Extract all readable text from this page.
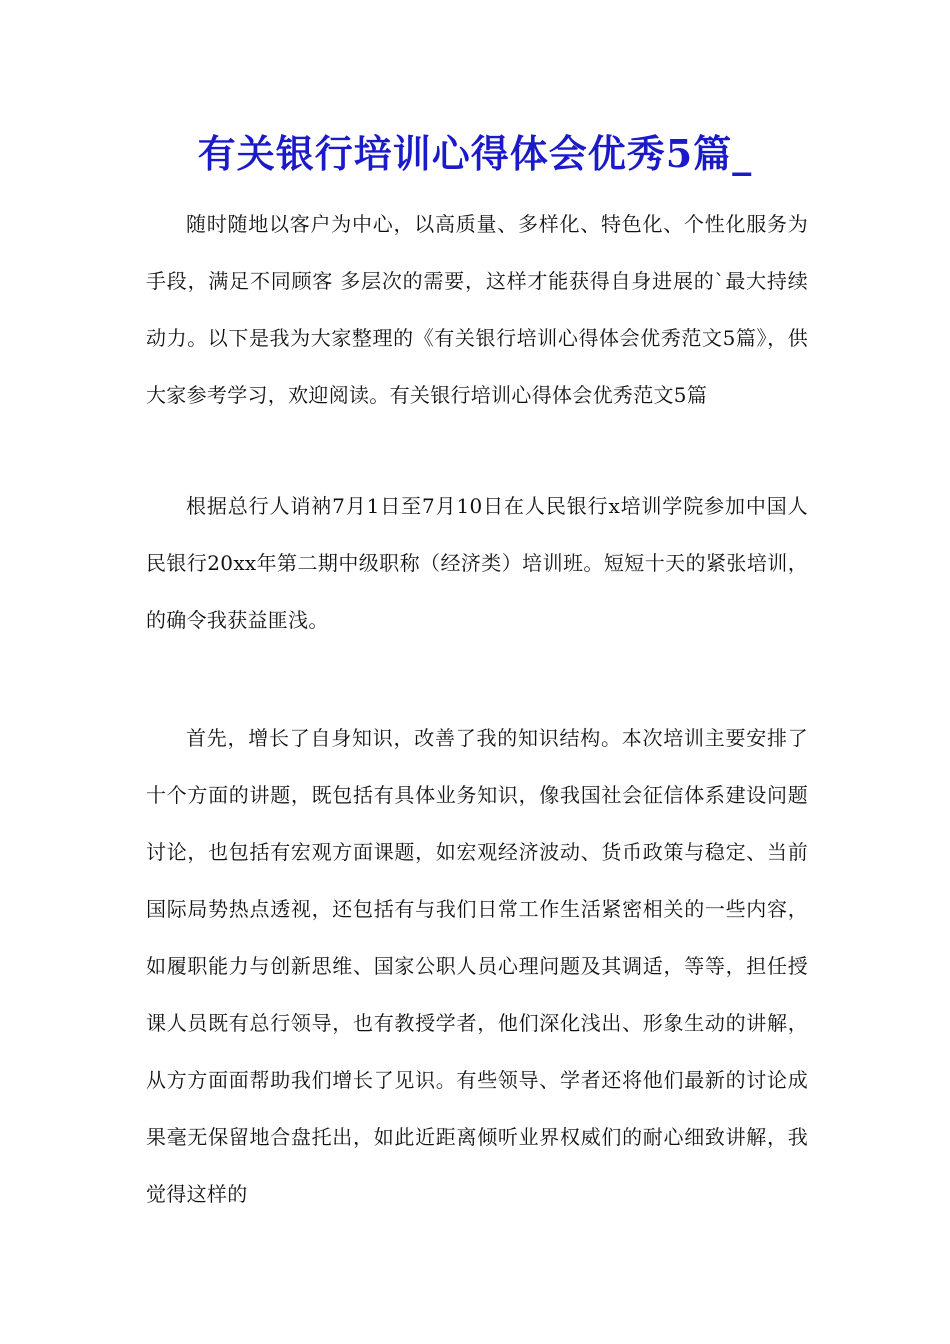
有关银行培训心得体会优秀5篇_

随时随地以客户为中心，以高质量、多样化、特色化、个性化服务为手段，满足不同顾客 多层次的需要，这样才能获得自身进展的`最大持续动力。以下是我为大家整理的《有关银行培训心得体会优秀范文5篇》，供大家参考学习，欢迎阅读。有关银行培训心得体会优秀范文5篇

根据总行人诮衲7月1日至7月10日在人民银行x培训学院参加中国人民银行20xx年第二期中级职称（经济类）培训班。短短十天的紧张培训，的确令我获益匪浅。

首先，增长了自身知识，改善了我的知识结构。本次培训主要安排了十个方面的讲题，既包括有具体业务知识，像我国社会征信体系建设问题讨论，也包括有宏观方面课题，如宏观经济波动、货币政策与稳定、当前国际局势热点透视，还包括有与我们日常工作生活紧密相关的一些内容，如履职能力与创新思维、国家公职人员心理问题及其调适，等等，担任授课人员既有总行领导，也有教授学者，他们深化浅出、形象生动的讲解，从方方面面帮助我们增长了见识。有些领导、学者还将他们最新的讨论成果毫无保留地合盘托出，如此近距离倾听业界权威们的耐心细致讲解，我觉得这样的
